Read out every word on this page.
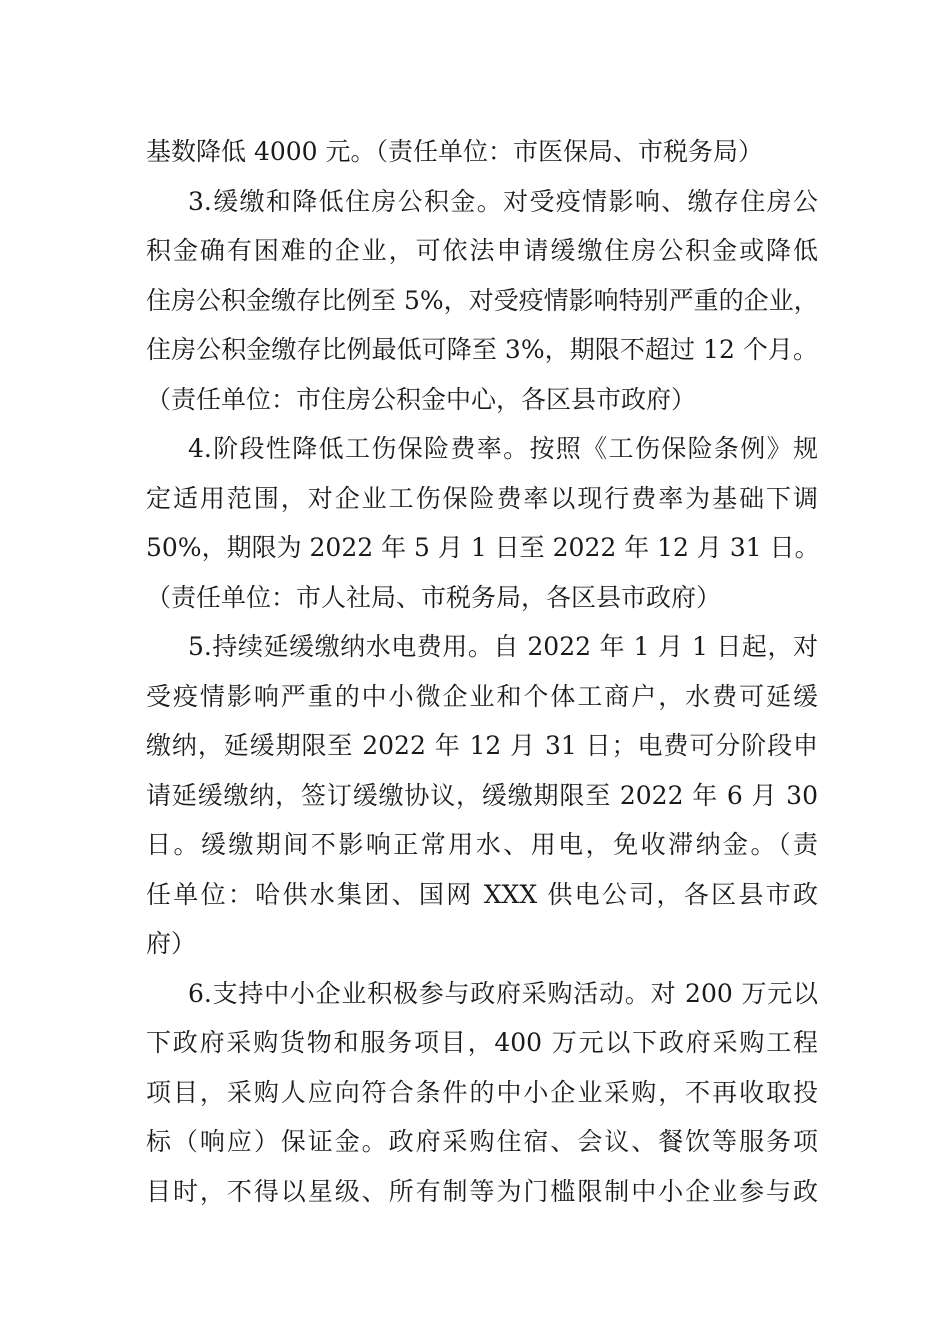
基数降低 4000 元。（责任单位：市医保局、市税务局）
3.缓缴和降低住房公积金。对受疫情影响、缴存住房公
积金确有困难的企业，可依法申请缓缴住房公积金或降低
住房公积金缴存比例至 5%，对受疫情影响特别严重的企业，
住房公积金缴存比例最低可降至 3%，期限不超过 12 个月。
（责任单位：市住房公积金中心，各区县市政府）
4.阶段性降低工伤保险费率。按照《工伤保险条例》规
定适用范围，对企业工伤保险费率以现行费率为基础下调
50%，期限为 2022 年 5 月 1 日至 2022 年 12 月 31 日。
（责任单位：市人社局、市税务局，各区县市政府）
5.持续延缓缴纳水电费用。自 2022 年 1 月 1 日起，对
受疫情影响严重的中小微企业和个体工商户，水费可延缓
缴纳，延缓期限至 2022 年 12 月 31 日；电费可分阶段申
请延缓缴纳，签订缓缴协议，缓缴期限至 2022 年 6 月 30
日。缓缴期间不影响正常用水、用电，免收滞纳金。（责
任单位：哈供水集团、国网 XXX 供电公司，各区县市政
府）
6.支持中小企业积极参与政府采购活动。对 200 万元以
下政府采购货物和服务项目，400 万元以下政府采购工程
项目，采购人应向符合条件的中小企业采购，不再收取投
标（响应）保证金。政府采购住宿、会议、餐饮等服务项
目时，不得以星级、所有制等为门槛限制中小企业参与政
